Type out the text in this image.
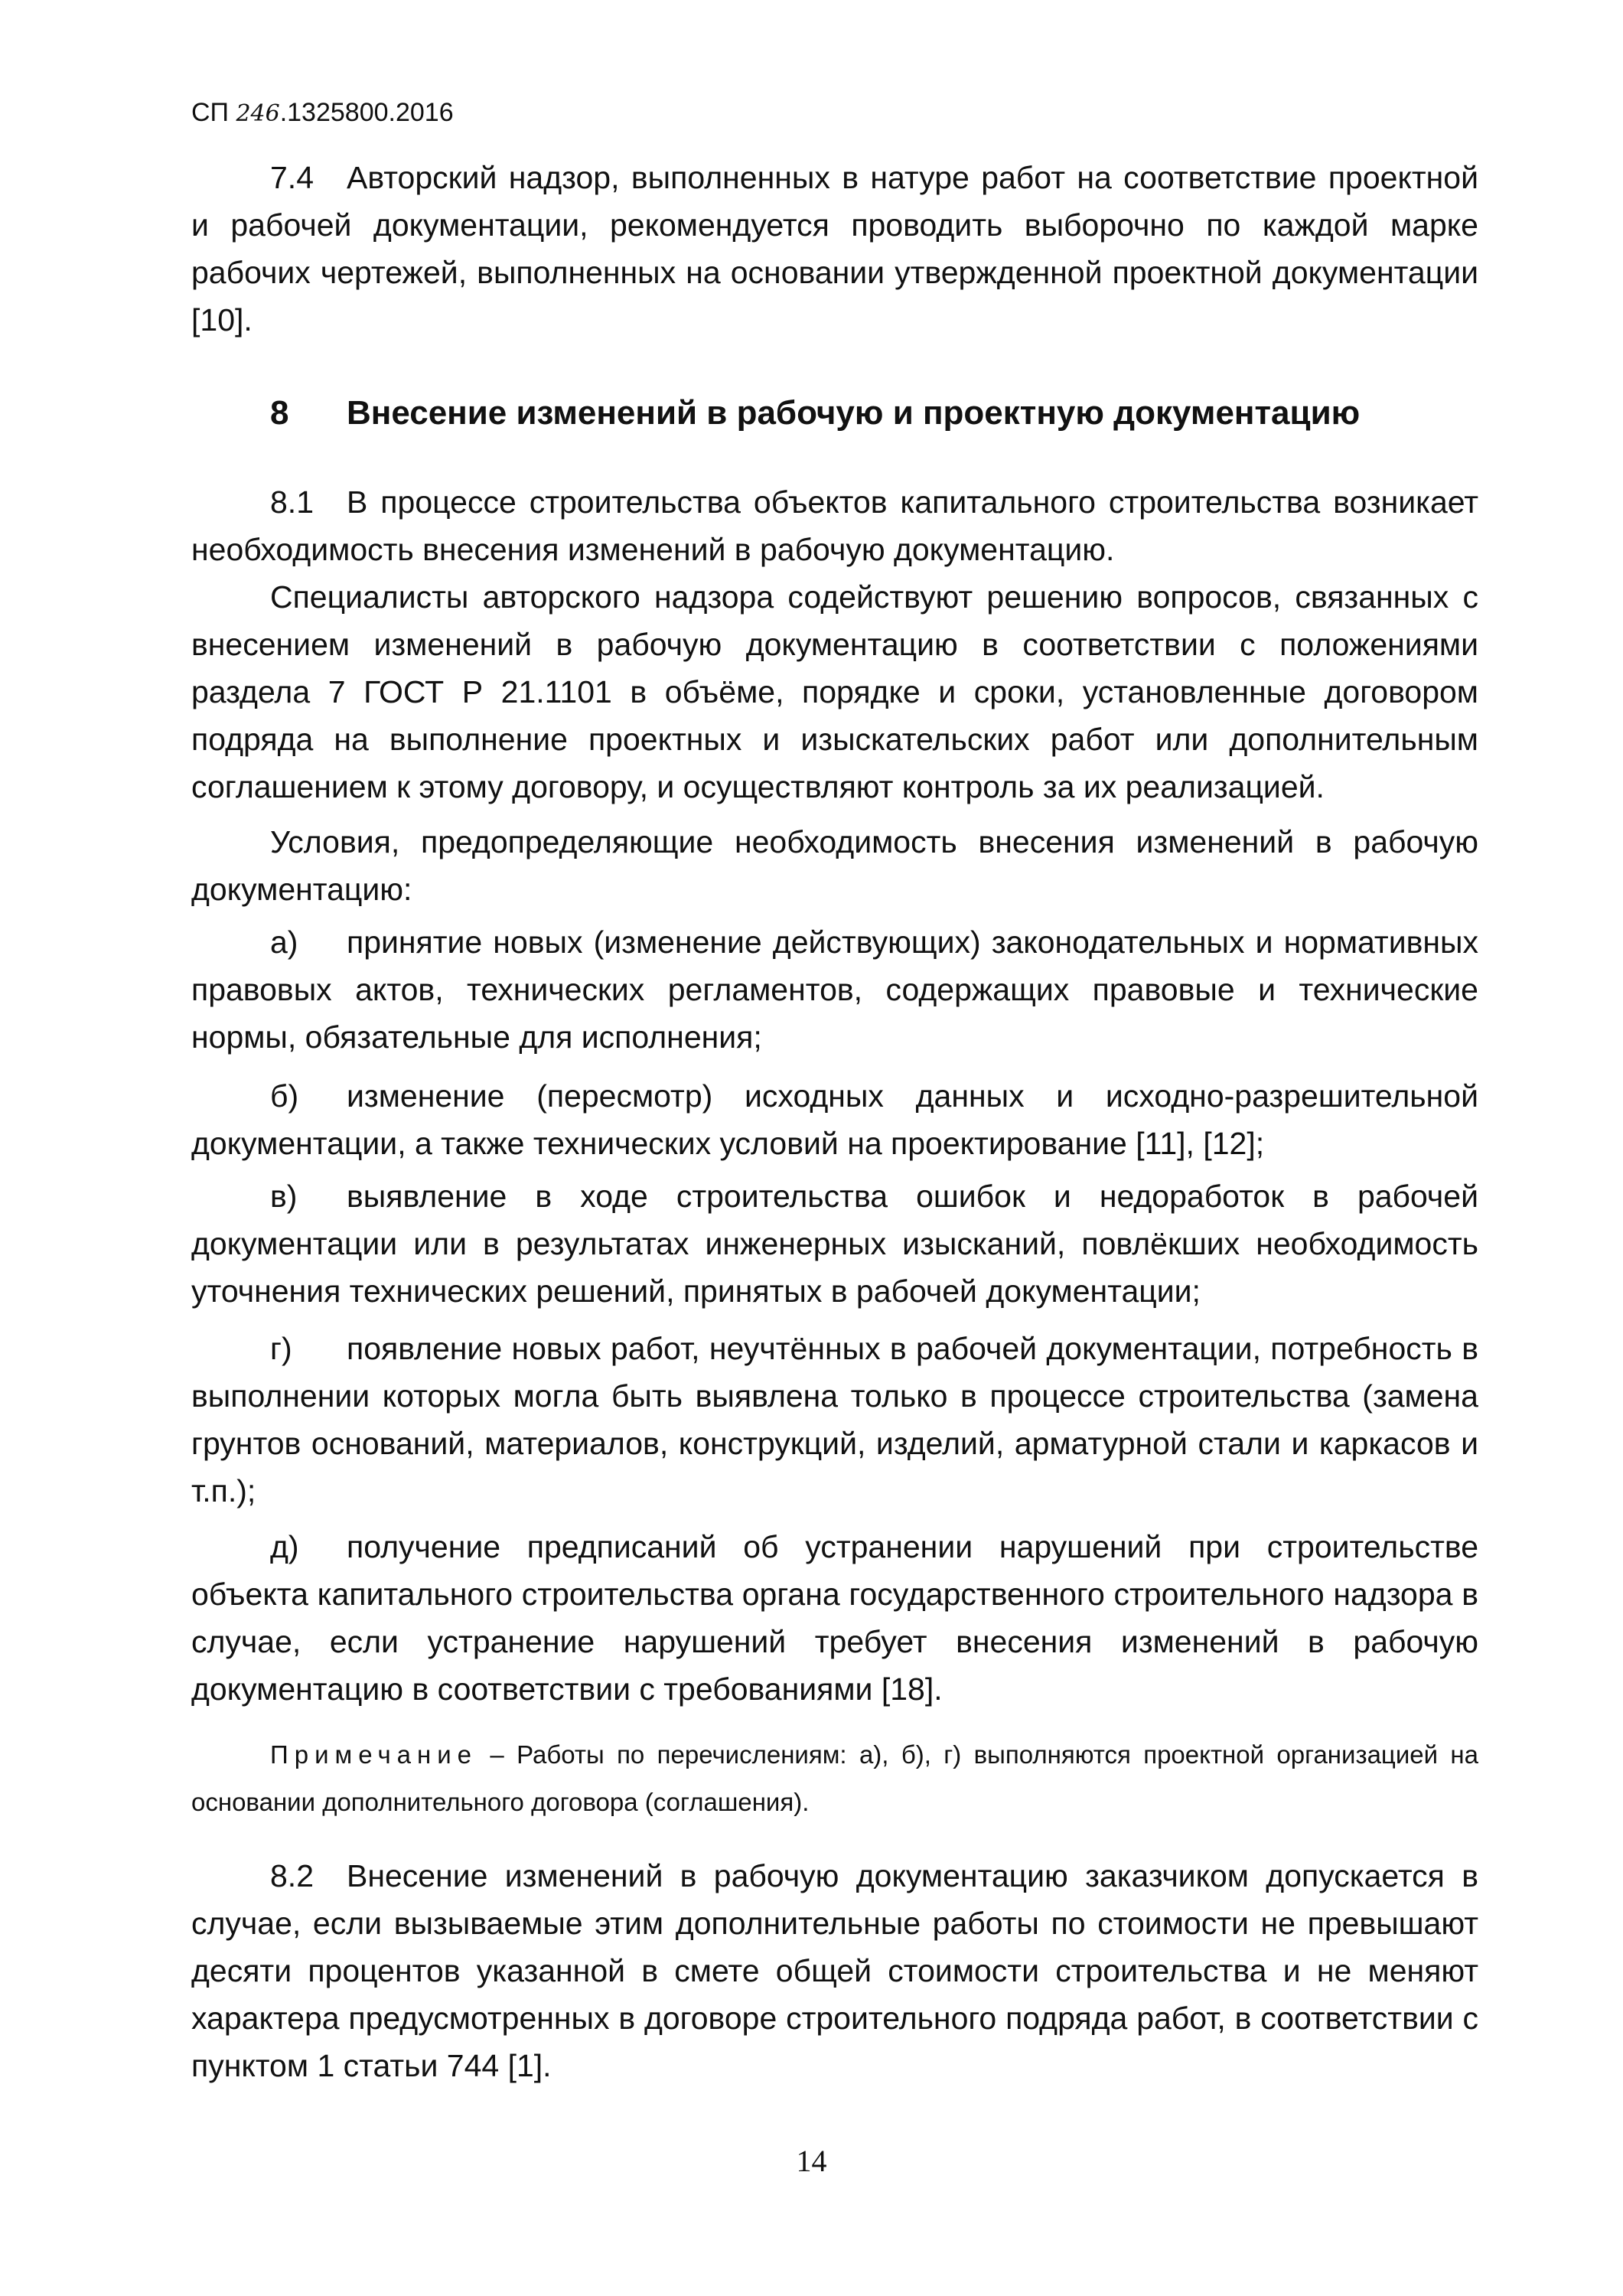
СП 246.1325800.2016
7.4 Авторский надзор, выполненных в натуре работ на соответствие проектной и рабочей документации, рекомендуется проводить выборочно по каждой марке рабочих чертежей, выполненных на основании утвержденной проектной документации [10].
8 Внесение изменений в рабочую и проектную документацию
8.1 В процессе строительства объектов капитального строительства возникает необходимость внесения изменений в рабочую документацию.
Специалисты авторского надзора содействуют решению вопросов, связанных с внесением изменений в рабочую документацию в соответствии с положениями раздела 7 ГОСТ Р 21.1101 в объёме, порядке и сроки, установленные договором подряда на выполнение проектных и изыскательских работ или дополнительным соглашением к этому договору, и осуществляют контроль за их реализацией.
Условия, предопределяющие необходимость внесения изменений в рабочую документацию:
а) принятие новых (изменение действующих) законодательных и нормативных правовых актов, технических регламентов, содержащих правовые и технические нормы, обязательные для исполнения;
б) изменение (пересмотр) исходных данных и исходно-разрешительной документации, а также технических условий на проектирование [11], [12];
в) выявление в ходе строительства ошибок и недоработок в рабочей документации или в результатах инженерных изысканий, повлёкших необходимость уточнения технических решений, принятых в рабочей документации;
г) появление новых работ, неучтённых в рабочей документации, потребность в выполнении которых могла быть выявлена только в процессе строительства (замена грунтов оснований, материалов, конструкций, изделий, арматурной стали и каркасов и т.п.);
д) получение предписаний об устранении нарушений при строительстве объекта капитального строительства органа государственного строительного надзора в случае, если устранение нарушений требует внесения изменений в рабочую документацию в соответствии с требованиями [18].
Примечание – Работы по перечислениям: а), б), г) выполняются проектной организацией на основании дополнительного договора (соглашения).
8.2 Внесение изменений в рабочую документацию заказчиком допускается в случае, если вызываемые этим дополнительные работы по стоимости не превышают десяти процентов указанной в смете общей стоимости строительства и не меняют характера предусмотренных в договоре строительного подряда работ, в соответствии с пунктом 1 статьи 744 [1].
14
